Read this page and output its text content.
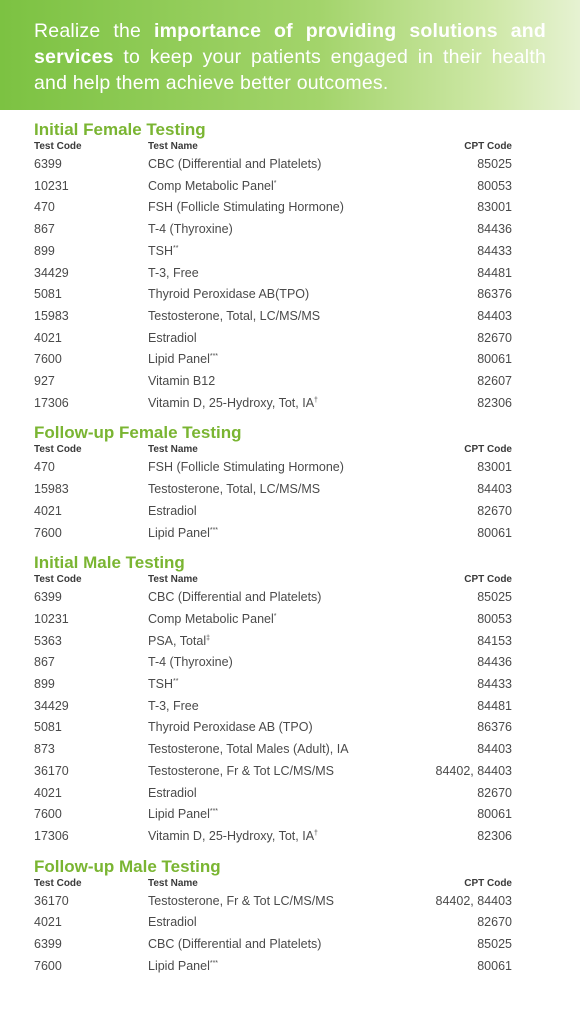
Realize the importance of providing solutions and services to keep your patients engaged in their health and help them achieve better outcomes.

Initial Female Testing
Test Code	Test Name	CPT Code
6399	CBC (Differential and Platelets)	85025
10231	Comp Metabolic Panel*	80053
470	FSH (Follicle Stimulating Hormone)	83001
867	T-4 (Thyroxine)	84436
899	TSH**	84433
34429	T-3, Free	84481
5081	Thyroid Peroxidase AB(TPO)	86376
15983	Testosterone, Total, LC/MS/MS	84403
4021	Estradiol	82670
7600	Lipid Panel***	80061
927	Vitamin B12	82607
17306	Vitamin D, 25-Hydroxy, Tot, IA†	82306
Follow-up Female Testing
Test Code	Test Name	CPT Code
470	FSH (Follicle Stimulating Hormone)	83001
15983	Testosterone, Total, LC/MS/MS	84403
4021	Estradiol	82670
7600	Lipid Panel***	80061
Initial Male Testing
Test Code	Test Name	CPT Code
6399	CBC (Differential and Platelets)	85025
10231	Comp Metabolic Panel*	80053
5363	PSA, Total‡	84153
867	T-4 (Thyroxine)	84436
899	TSH**	84433
34429	T-3, Free	84481
5081	Thyroid Peroxidase AB (TPO)	86376
873	Testosterone, Total Males (Adult), IA	84403
36170	Testosterone, Fr & Tot LC/MS/MS	84402, 84403
4021	Estradiol	82670
7600	Lipid Panel***	80061
17306	Vitamin D, 25-Hydroxy, Tot, IA†	82306
Follow-up Male Testing
Test Code	Test Name	CPT Code
36170	Testosterone, Fr & Tot LC/MS/MS	84402, 84403
4021	Estradiol	82670
6399	CBC (Differential and Platelets)	85025
7600	Lipid Panel***	80061
